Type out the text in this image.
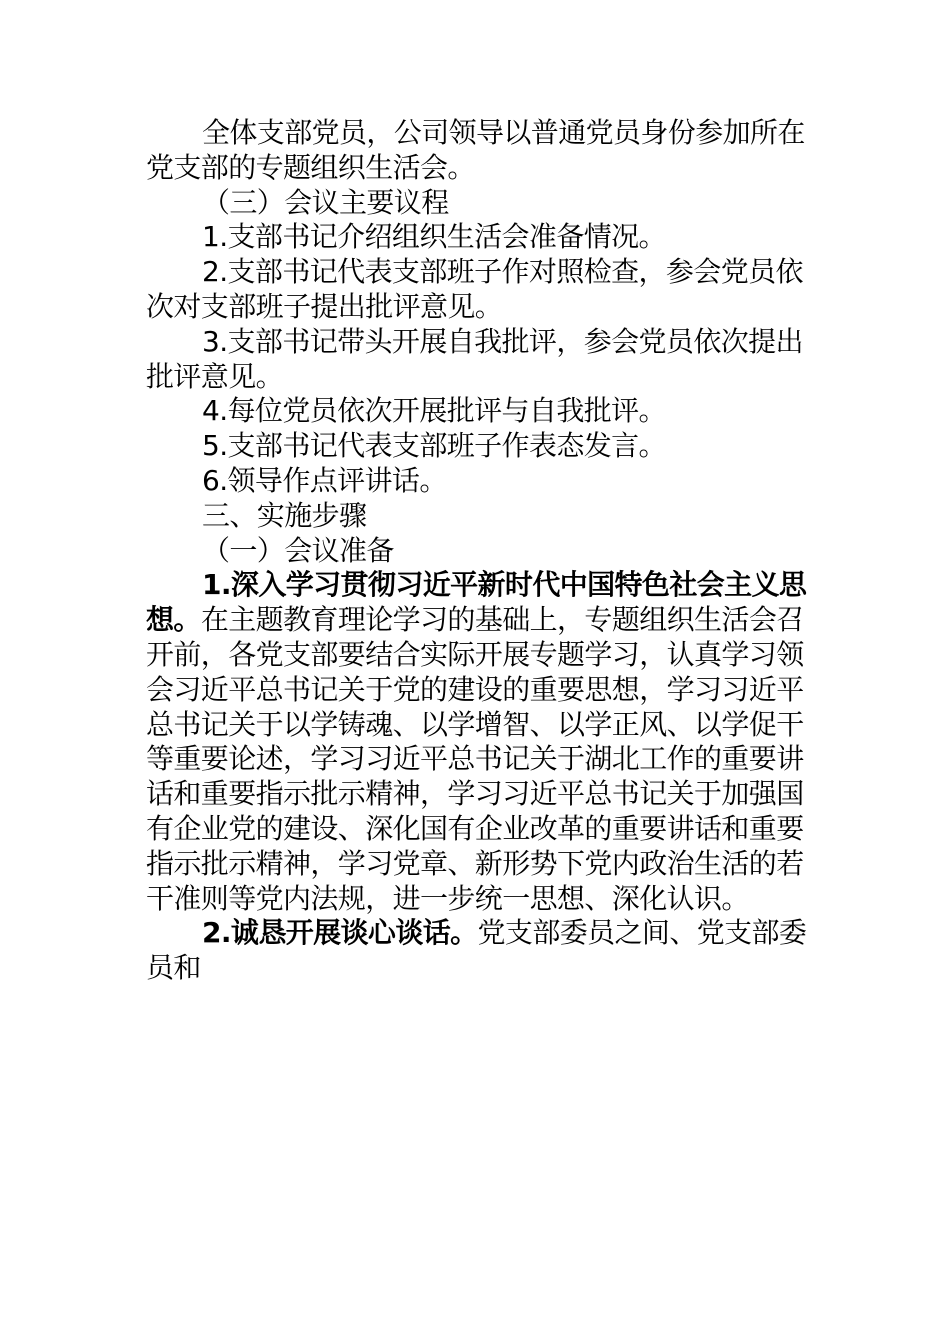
全体支部党员，公司领导以普通党员身份参加所在党支部的专题组织生活会。

（三）会议主要议程

1.支部书记介绍组织生活会准备情况。

2.支部书记代表支部班子作对照检查，参会党员依次对支部班子提出批评意见。

3.支部书记带头开展自我批评，参会党员依次提出批评意见。

4.每位党员依次开展批评与自我批评。

5.支部书记代表支部班子作表态发言。

6.领导作点评讲话。

三、实施步骤

（一）会议准备

1.深入学习贯彻习近平新时代中国特色社会主义思想。在主题教育理论学习的基础上，专题组织生活会召开前，各党支部要结合实际开展专题学习，认真学习领会习近平总书记关于党的建设的重要思想，学习习近平总书记关于以学铸魂、以学增智、以学正风、以学促干等重要论述，学习习近平总书记关于湖北工作的重要讲话和重要指示批示精神，学习习近平总书记关于加强国有企业党的建设、深化国有企业改革的重要讲话和重要指示批示精神，学习党章、新形势下党内政治生活的若干准则等党内法规，进一步统一思想、深化认识。

2.诚恳开展谈心谈话。党支部委员之间、党支部委员和
